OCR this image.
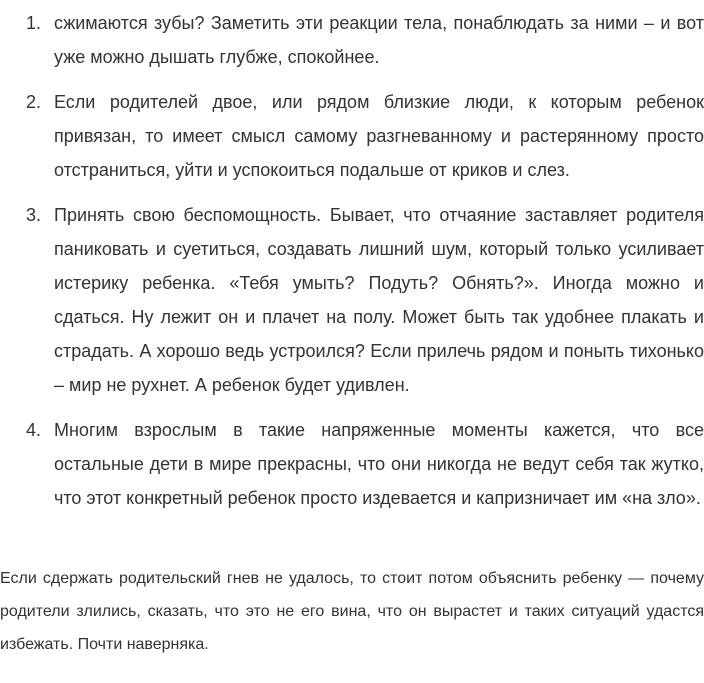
1. сжимаются зубы? Заметить эти реакции тела, понаблюдать за ними – и вот уже можно дышать глубже, спокойнее.
2. Если родителей двое, или рядом близкие люди, к которым ребенок привязан, то имеет смысл самому разгневанному и растерянному просто отстраниться, уйти и успокоиться подальше от криков и слез.
3. Принять свою беспомощность. Бывает, что отчаяние заставляет родителя паниковать и суетиться, создавать лишний шум, который только усиливает истерику ребенка. «Тебя умыть? Подуть? Обнять?». Иногда можно и сдаться. Ну лежит он и плачет на полу. Может быть так удобнее плакать и страдать. А хорошо ведь устроился? Если прилечь рядом и поныть тихонько – мир не рухнет. А ребенок будет удивлен.
4. Многим взрослым в такие напряженные моменты кажется, что все остальные дети в мире прекрасны, что они никогда не ведут себя так жутко, что этот конкретный ребенок просто издевается и капризничает им «на зло».

Если сдержать родительский гнев не удалось, то стоит потом объяснить ребенку — почему родители злились, сказать, что это не его вина, что он вырастет и таких ситуаций удастся избежать. Почти наверняка.
